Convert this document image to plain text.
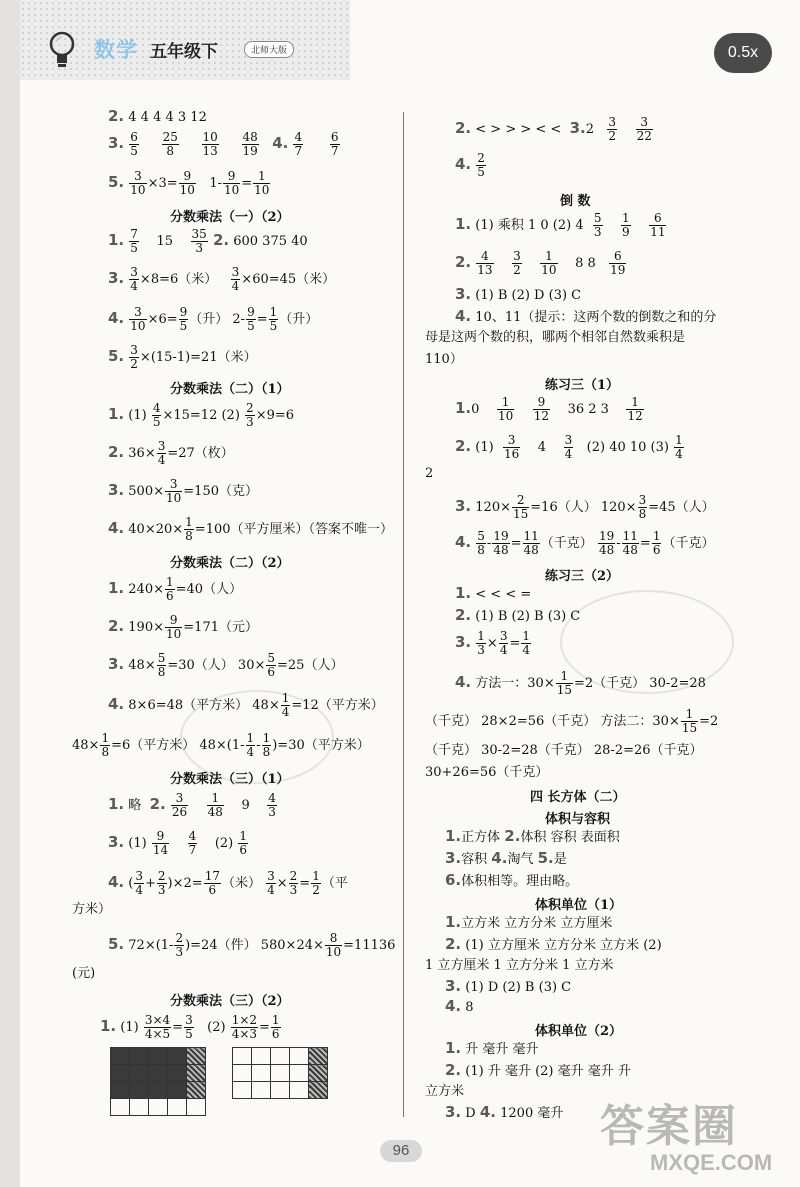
数学 五年级下	北师大版	0.5x
2. 4 4 4 4 3 12
3. $\frac{6}{5}$
$\frac{25}{8}$
$\frac{10}{13}$
$\frac{48}{19} 4$. $\frac{4}{7}$
$\frac{6}{7}$
5. $\frac{3}{10} \times 3= \frac{9}{10} 1- \frac{9}{10} = \frac{1}{10}$
分数乘法（一）（2）
1. $\frac{7}{5} 15 \frac{35}{3} 2$. 600 375 40
3. $\frac{3}{4} \times 8=6$（米） $\frac{3}{4} \times 60=45$（米）
4. $\frac{3}{10} \times 6= \frac{9}{5}$ （升） $2- \frac{9}{5} = \frac{1}{5}$ （升）
5. $\frac{3}{2} \times(15-1)=21$（米）
分数乘法（二）（1）
1. $(1) \frac{4}{5} \times 15=12$ $(2) \frac{2}{3} \times 9=6$
2. $36\times \frac{3}{4} =27$（枚）
3. $500\times \frac{3}{10} =150$（克）
4. $40\times 20\times \frac{1}{8} =100$（平方厘米）（答案不唯一）
分数乘法（二）（2）
1. $240\times \frac{1}{6} =40$（人）
2. $190\times \frac{9}{10} =171$（元）
3. $48\times \frac{5}{8} =30$（人） $30\times \frac{5}{6} =25$（人）
4. 8×6=48（平方米） $48\times \frac{1}{4} =12$（平方米）
$48\times \frac{1}{8} =6$（平方米） $48\times(1- \frac{1}{4} - \frac{1}{8} )=30$（平方米）
分数乘法（三）（1）
1. 略 2. $\frac{3}{26}$
$\frac{1}{48} 9 \frac{4}{3}$
3. $(1) \frac{9}{14}$
$\frac{4}{7} (2) \frac{1}{6}$
4. ( $\frac{3}{4} + \frac{2}{3} )\times 2= \frac{17}{6}$ （米） $\frac{3}{4} \times \frac{2}{3} = \frac{1}{2}$ （平
方米）
5. $72\times(1- \frac{2}{3} )=24$（件） $580\times 24\times \frac{8}{10} =11136$
(元)
分数乘法（三）（2）
1. $(1) \frac{3\times 4}{4\times 5} = \frac{3}{5} (2) \frac{1\times 2}{4\times 3} = \frac{1}{6}$

2. < > > > < < $3.2 \frac{3}{2}$
$\frac{3}{22}$
4. $\frac{2}{5}$
倒 数
1. (1) 乘积 1 0 (2) $4 \frac{5}{3}$
$\frac{1}{9}$
$\frac{6}{11}$
2. $\frac{4}{13}$
$\frac{3}{2}$
$\frac{1}{10} 8$ $8 \frac{6}{19}$
3. (1) B (2) D (3) C
4. 10、11（提示：这两个数的倒数之和的分
母是这两个数的积，哪两个相邻自然数乘积是
110）
练习三（1）
$1.0 \frac{1}{10}$
$\frac{9}{12} 36$ 2 $3 \frac{1}{12}$
2. $(1) \frac{3}{16} 4 \frac{3}{4} (2)$ 40 10 $(3) \frac{1}{4}$
2
3. $120\times \frac{2}{15} =16$（人） $120\times \frac{3}{8} =45$（人）
4. $\frac{5}{8} - \frac{19}{48} = \frac{11}{48}$ （千克） $\frac{19}{48} - \frac{11}{48} = \frac{1}{6}$ （千克）
练习三（2）
1. < < < =
2. (1) B (2) B (3) C
3. $\frac{1}{3} \times \frac{3}{4} = \frac{1}{4}$
4. 方法一：$30\times \frac{1}{15} =2$（千克） 30-2=28
（千克） 28×2=56（千克） 方法二：$30\times \frac{1}{15} =2$
（千克） 30-2=28（千克） 28-2=26（千克）
30+26=56（千克）
四 长方体（二）
体积与容积
1.正方体 2.体积 容积 表面积
3.容积 4.淘气 5.是
6.体积相等。理由略。
体积单位（1）
1.立方米 立方分米 立方厘米
2. (1) 立方厘米 立方分米 立方米 (2)
1 立方厘米 1 立方分米 1 立方米
3. (1) D (2) B (3) C
4. 8
体积单位（2）
1. 升 毫升 毫升
2. (1) 升 毫升 (2) 毫升 毫升 升
立方米
3. D 4. 1200 毫升
96	答案圈
MXQE.COM
